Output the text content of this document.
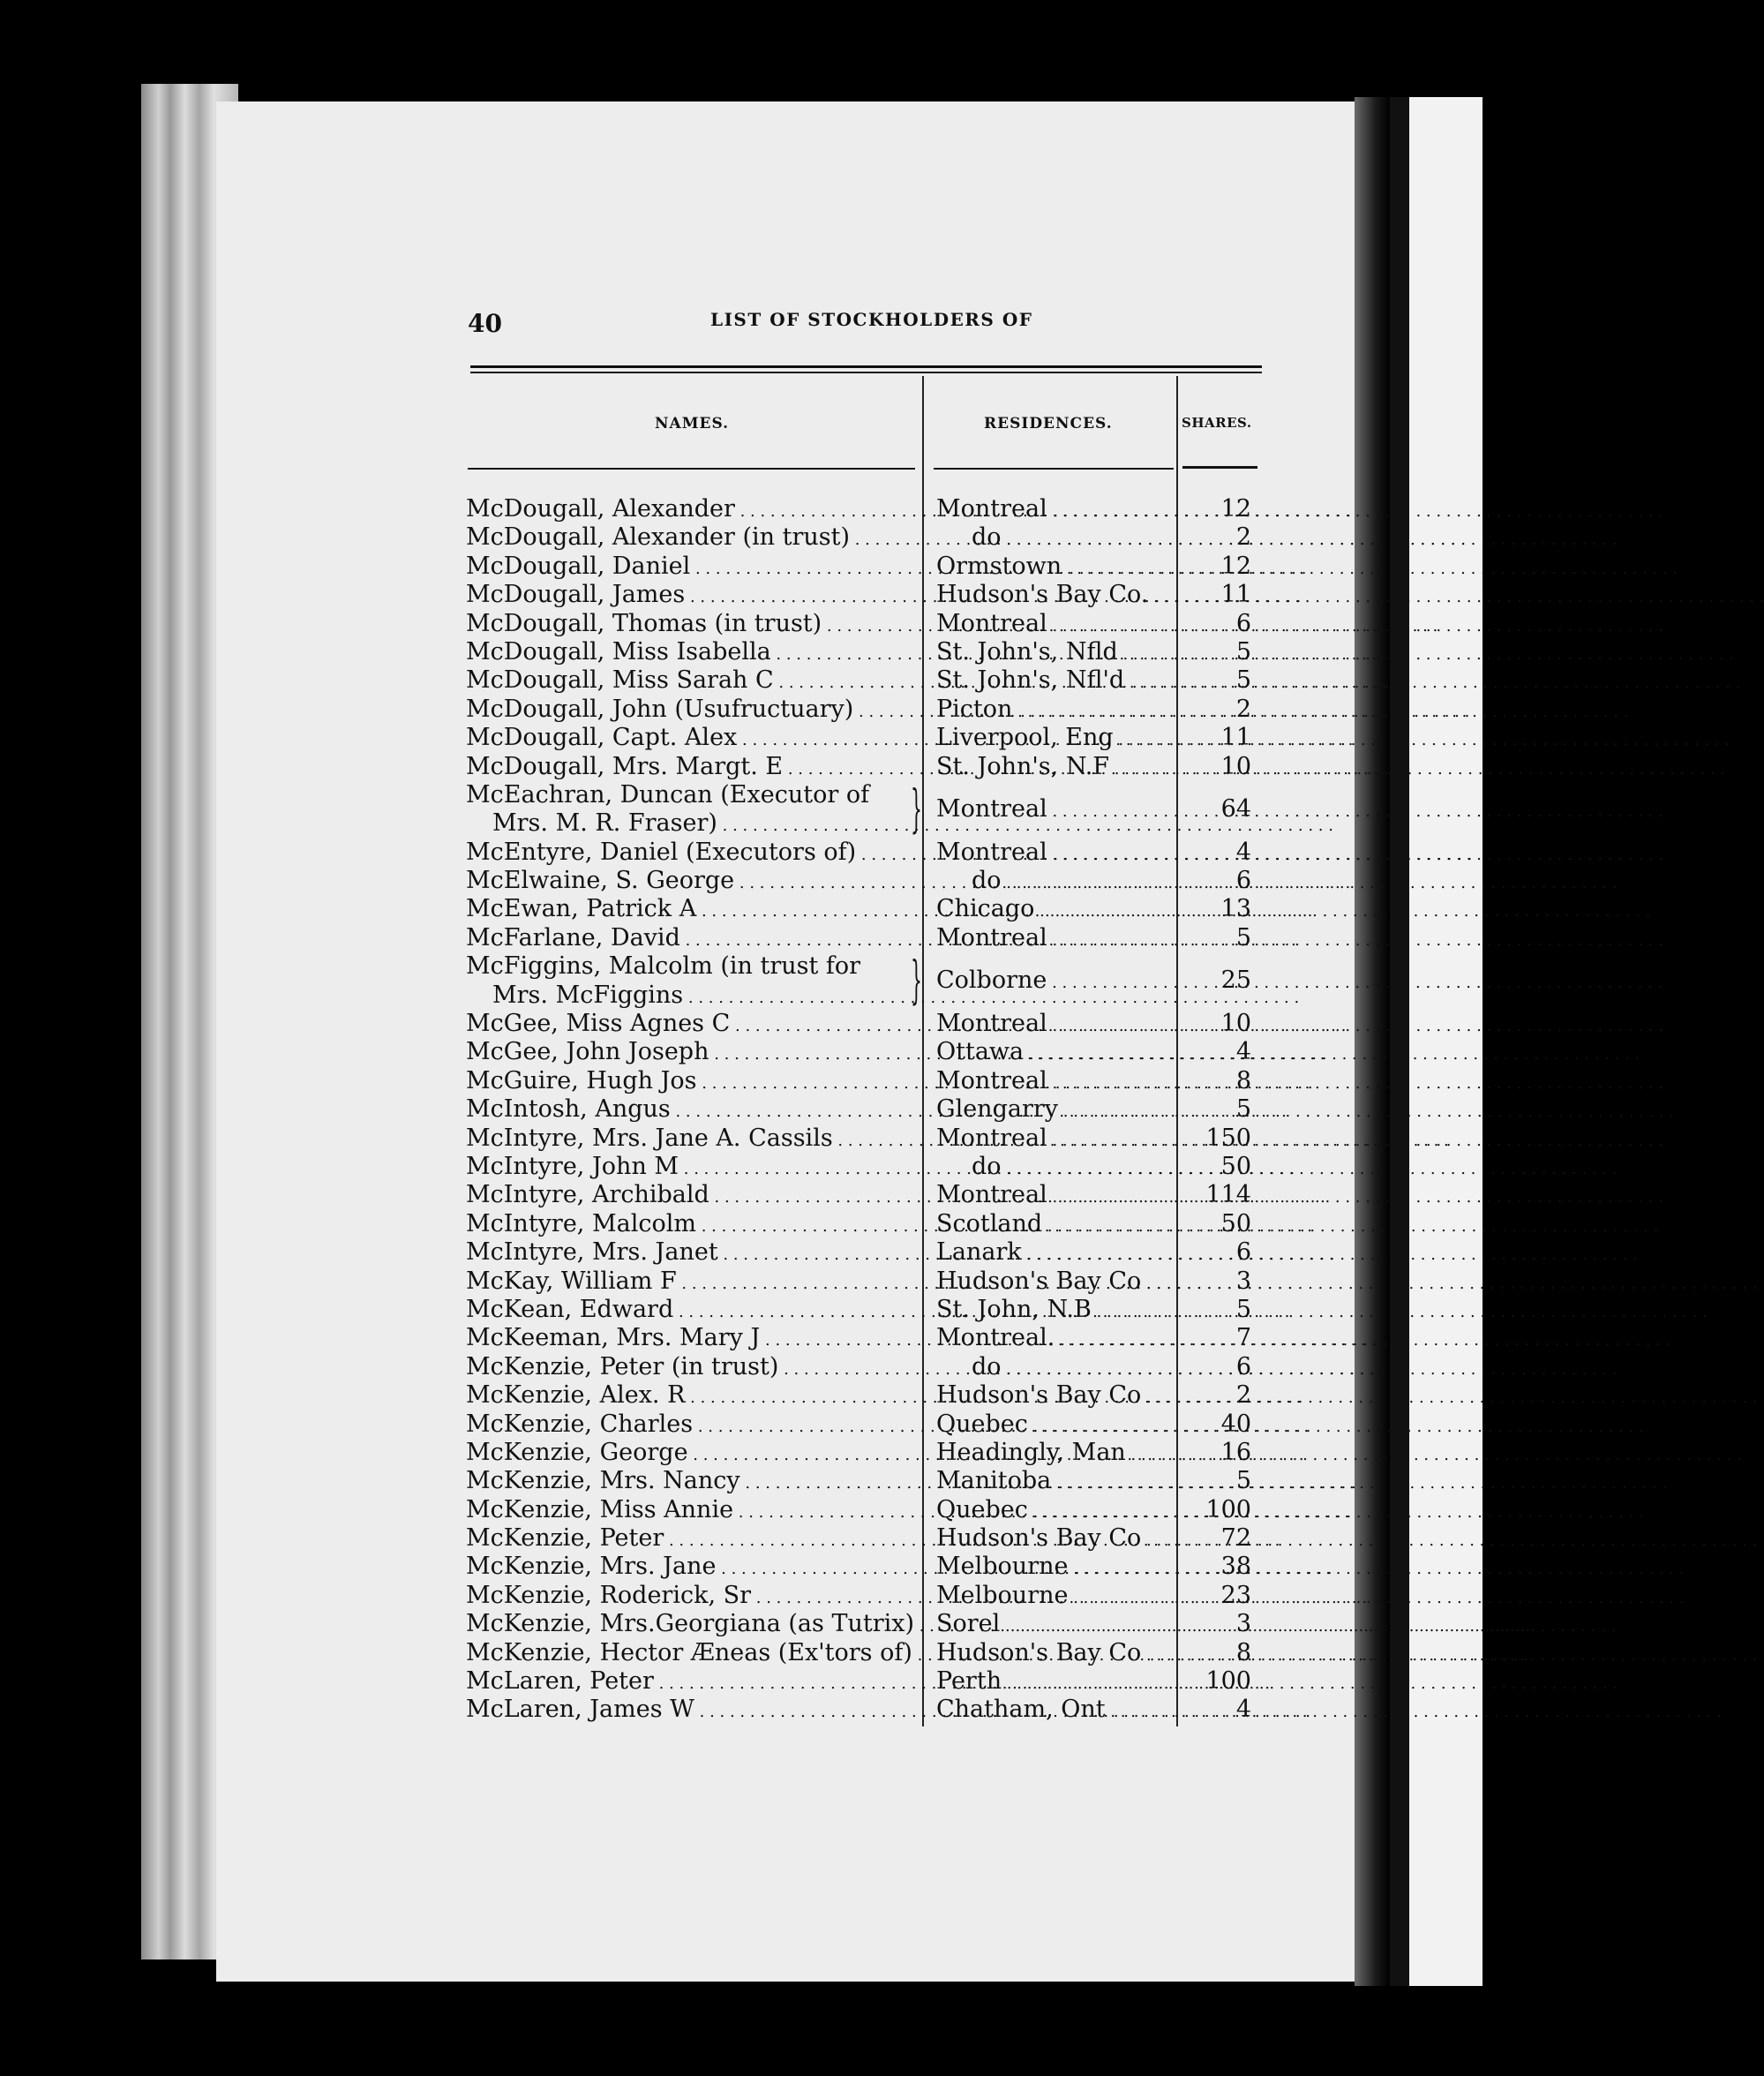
40	LIST OF STOCKHOLDERS OF
NAMES.	RESIDENCES.	SHARES.
McDougall, Alexander . . .	Montreal . . .	12
McDougall, Alexander (in trust) . . .	do . . .	2
McDougall, Daniel . . .	Ormstown . . .	12
McDougall, James . . .	Hudson's Bay Co. . . .	11
McDougall, Thomas (in trust) . . .	Montreal . . .	6
McDougall, Miss Isabella . . .	St. John's, Nfld . . .	5
McDougall, Miss Sarah C . . .	St. John's, Nfl'd . . .	5
McDougall, John (Usufructuary) . . .	Picton . . .	2
McDougall, Capt. Alex . . .	Liverpool, Eng . . .	11
McDougall, Mrs. Margt. E . . .	St. John's, N.F . . .	10
McEachran, Duncan (Executor of
Mrs. M. R. Fraser) . . .	} Montreal . . .	64
McEntyre, Daniel (Executors of) . . .	Montreal . . .	4
McElwaine, S. George . . .	do . . .	6
McEwan, Patrick A . . .	Chicago . . .	13
McFarlane, David . . .	Montreal . . .	5
McFiggins, Malcolm (in trust for
Mrs. McFiggins . . .	} Colborne . . .	25
McGee, Miss Agnes C . . .	Montreal . . .	10
McGee, John Joseph . . .	Ottawa . . .	4
McGuire, Hugh Jos . . .	Montreal . . .	8
McIntosh, Angus . . .	Glengarry . . .	5
McIntyre, Mrs. Jane A. Cassils . . .	Montreal . . .	150
McIntyre, John M . . .	do . . .	50
McIntyre, Archibald . . .	Montreal . . .	114
McIntyre, Malcolm . . .	Scotland . . .	50
McIntyre, Mrs. Janet . . .	Lanark . . .	6
McKay, William F . . .	Hudson's Bay Co . . .	3
McKean, Edward . . .	St. John, N.B . . .	5
McKeeman, Mrs. Mary J . . .	Montreal. . . .	7
McKenzie, Peter (in trust) . . .	do . . .	6
McKenzie, Alex. R . . .	Hudson's Bay Co . . .	2
McKenzie, Charles . . .	Quebec . . .	40
McKenzie, George . . .	Headingly, Man . . .	16
McKenzie, Mrs. Nancy . . .	Manitoba . . .	5
McKenzie, Miss Annie . . .	Quebec . . .	100
McKenzie, Peter . . .	Hudson's Bay Co . . .	72
McKenzie, Mrs. Jane . . .	Melbourne . . .	38
McKenzie, Roderick, Sr . . .	Melbourne . . .	23
McKenzie, Mrs.Georgiana (as Tutrix) . . . Sorel . . .	3
McKenzie, Hector Æneas (Ex'tors of) . . .	Hudson's Bay Co . . .	8
McLaren, Peter . . .	Perth . . .	100
McLaren, James W . . .	Chatham, Ont . . .	4
